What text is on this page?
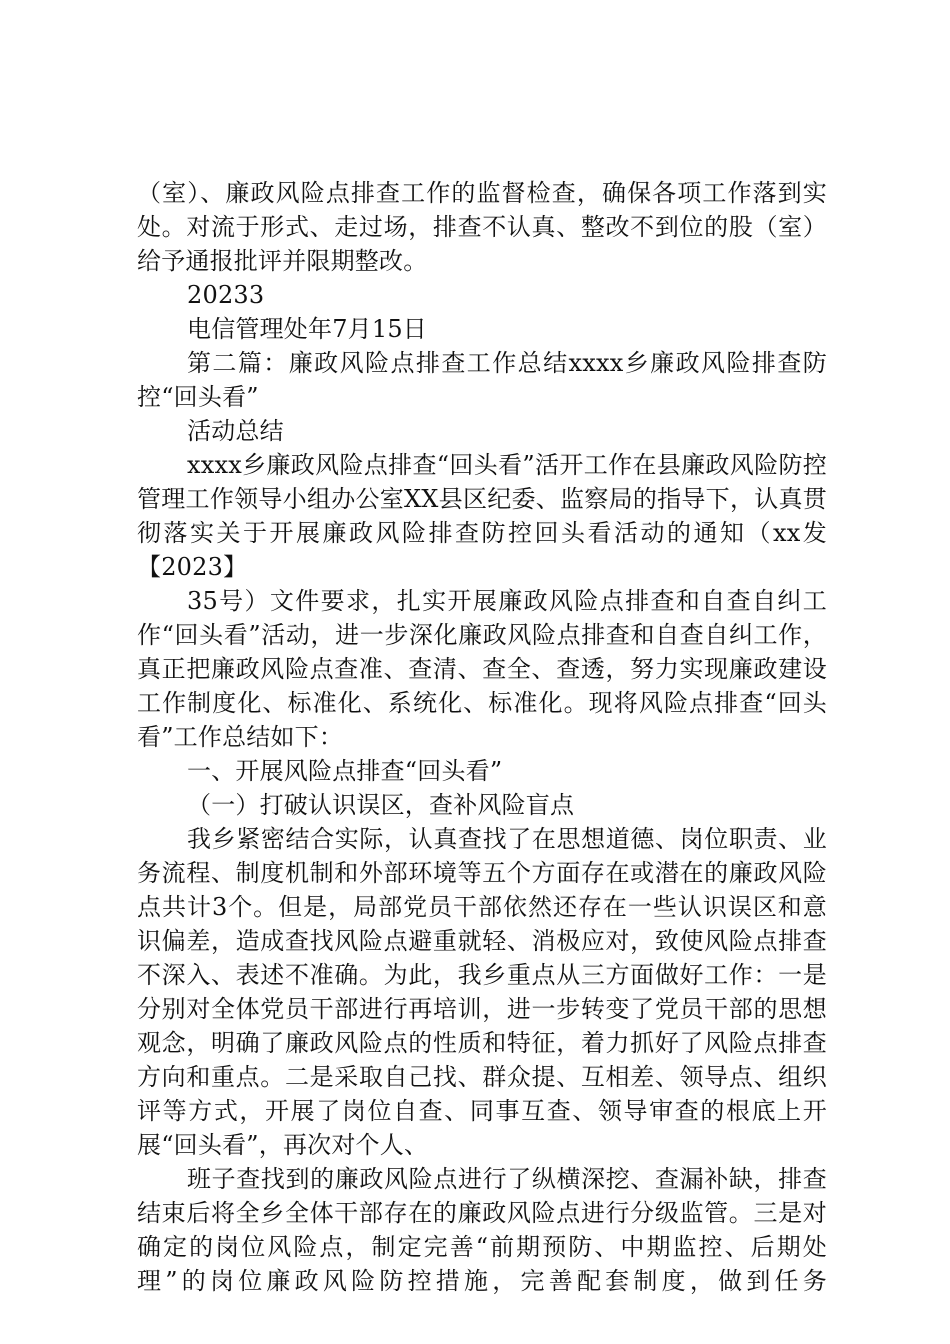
（室）、廉政风险点排查工作的监督检查，确保各项工作落到实处。对流于形式、走过场，排查不认真、整改不到位的股（室）给予通报批评并限期整改。

20233

电信管理处年7月15日

第二篇：廉政风险点排查工作总结xxxx乡廉政风险排查防控“回头看”

活动总结

xxxx乡廉政风险点排查“回头看”活开工作在县廉政风险防控管理工作领导小组办公室XX县区纪委、监察局的指导下，认真贯彻落实关于开展廉政风险排查防控回头看活动的通知（xx发【2023】

35号）文件要求，扎实开展廉政风险点排查和自查自纠工作“回头看”活动，进一步深化廉政风险点排查和自查自纠工作，真正把廉政风险点查准、查清、查全、查透，努力实现廉政建设工作制度化、标准化、系统化、标准化。现将风险点排查“回头看”工作总结如下：

一、开展风险点排查“回头看”

（一）打破认识误区，查补风险盲点

我乡紧密结合实际，认真查找了在思想道德、岗位职责、业务流程、制度机制和外部环境等五个方面存在或潜在的廉政风险点共计3个。但是，局部党员干部依然还存在一些认识误区和意识偏差，造成查找风险点避重就轻、消极应对，致使风险点排查不深入、表述不准确。为此，我乡重点从三方面做好工作：一是分别对全体党员干部进行再培训，进一步转变了党员干部的思想观念，明确了廉政风险点的性质和特征，着力抓好了风险点排查方向和重点。二是采取自己找、群众提、互相差、领导点、组织评等方式，开展了岗位自查、同事互查、领导审查的根底上开展“回头看”，再次对个人、

班子查找到的廉政风险点进行了纵横深挖、查漏补缺，排查结束后将全乡全体干部存在的廉政风险点进行分级监管。三是对确定的岗位风险点，制定完善“前期预防、中期监控、后期处理”的岗位廉政风险防控措施，完善配套制度，做到任务
